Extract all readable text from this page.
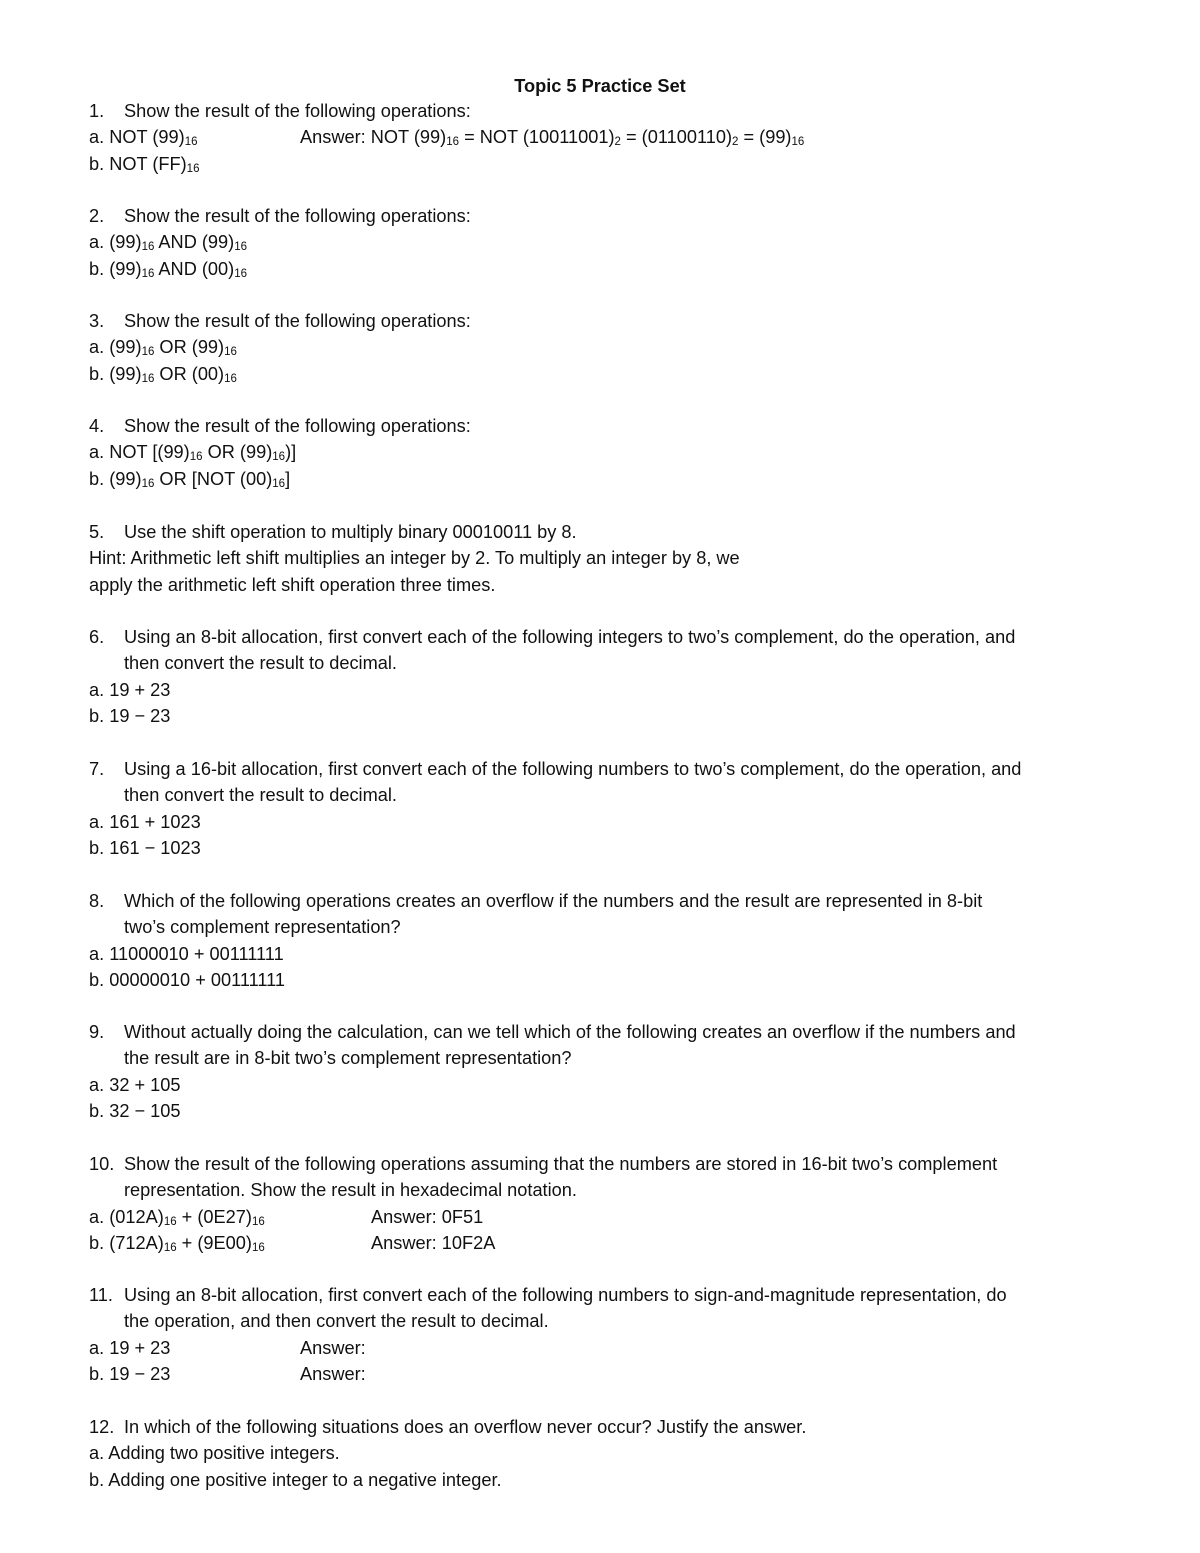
Topic 5 Practice Set
1. Show the result of the following operations:
a. NOT $(99)_{16}$	Answer: NOT $(99)_{16}$ = NOT $(10011001)_2 = (01100110)_2 = (99)_{16}$
b. NOT $(FF)_{16}$
2. Show the result of the following operations:
a. $(99)_{16}$ AND $(99)_{16}$
b. $(99)_{16}$ AND $(00)_{16}$
3. Show the result of the following operations:
a. $(99)_{16}$ OR $(99)_{16}$
b. $(99)_{16}$ OR $(00)_{16}$
4. Show the result of the following operations:
a. NOT [$(99)_{16}$ OR $(99)_{16}$)]
b. $(99)_{16}$ OR [NOT $(00)_{16}$]
5. Use the shift operation to multiply binary 00010011 by 8.
Hint: Arithmetic left shift multiplies an integer by 2. To multiply an integer by 8, we
apply the arithmetic left shift operation three times.
6. Using an 8-bit allocation, first convert each of the following integers to two’s complement, do the operation, and
then convert the result to decimal.
a. 19 + 23
b. 19 − 23
7. Using a 16-bit allocation, first convert each of the following numbers to two’s complement, do the operation, and
then convert the result to decimal.
a. 161 + 1023
b. 161 − 1023
8. Which of the following operations creates an overflow if the numbers and the result are represented in 8-bit
two’s complement representation?
a. 11000010 + 00111111
b. 00000010 + 00111111
9. Without actually doing the calculation, can we tell which of the following creates an overflow if the numbers and
the result are in 8-bit two’s complement representation?
a. 32 + 105
b. 32 − 105
10. Show the result of the following operations assuming that the numbers are stored in 16-bit two’s complement
representation. Show the result in hexadecimal notation.
a. $(012A)_{16} + (0E27)_{16}$	Answer: 0F51
b. $(712A)_{16} + (9E00)_{16}$	Answer: 10F2A
11. Using an 8-bit allocation, first convert each of the following numbers to sign-and-magnitude representation, do
the operation, and then convert the result to decimal.
a. 19 + 23	Answer:
b. 19 − 23	Answer:
12. In which of the following situations does an overflow never occur? Justify the answer.
a. Adding two positive integers.
b. Adding one positive integer to a negative integer.
